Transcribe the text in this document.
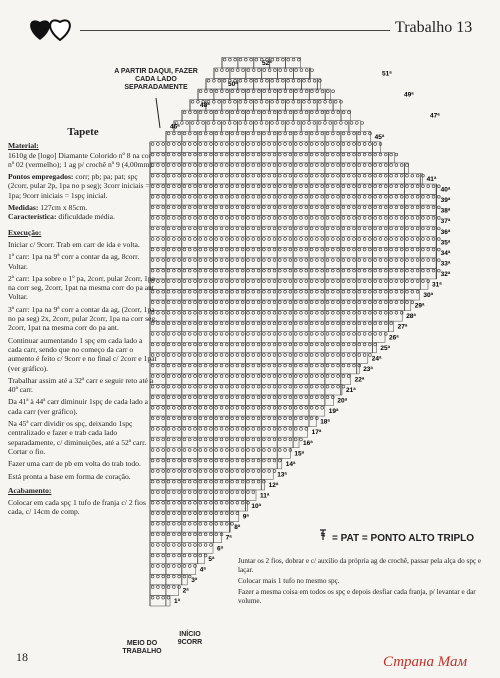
Trabalho 13
45ª
41ª
40ª
39ª
38ª
37ª
36ª
35ª
34ª
33ª
32ª
31ª
30ª
29ª
28ª
27ª
26ª
25ª
24ª
23ª
22ª
21ª
20ª
19ª
18ª
17ª
16ª
15ª
14ª
13ª
12ª
11ª
10ª
9ª
8ª
7ª
6ª
5ª
4ª
3ª
2ª
1ª
52ª
50ª
48ª
46ª
47ª
49ª
51ª
A PARTIR DAQUI, FAZER CADA LADO SEPARADAMENTE
MEIO DO TRABALHO
INÍCIO 9CORR
= PAT = PONTO ALTO TRIPLO

Tapete

Material:
1610g de [logo] Diamante Colorido nº 8 na cor nº 02 (vermelho); 1 ag p/ crochê nº 9 (4,00mm).

Pontos empregados: corr; pb; pa; pat; spç (2corr, pular 2p, 1pa no p seg); 3corr iniciais = 1pa; 9corr iniciais = 1spç inicial.

Medidas: 127cm x 85cm.
Característica: dificuldade média.

Execução:

Iniciar c/ 9corr. Trab em carr de ida e volta.

1ª carr: 1pa na 9ª corr a contar da ag, 8corr. Voltar.

2ª carr: 1pa sobre o 1º pa, 2corr, pular 2corr, 1pa na corr seg, 2corr, 1pat na mesma corr do pa ant. Voltar.

3ª carr: 1pa na 9ª corr a contar da ag, (2corr, 1pa no pa seg) 2x, 2corr, pular 2corr, 1pa na corr seg, 2corr, 1pat na mesma corr do pa ant.

Continuar aumentando 1 spç em cada lado a cada carr, sendo que no começo da carr o aumento é feito c/ 9corr e no final c/ 2corr e 1pat (ver gráfico).

Trabalhar assim até a 32ª carr e seguir reto até a 40ª carr.

Da 41ª à 44ª carr diminuir 1spç de cada lado a cada carr (ver gráfico).

Na 45ª carr dividir os spç, deixando 1spç centralizado e fazer e trab cada lado separadamente, c/ diminuições, até a 52ª carr. Cortar o fio.

Fazer uma carr de pb em volta do trab todo.

Está pronta a base em forma de coração.

Acabamento:

Colocar em cada spç 1 tufo de franja c/ 2 fios cada, c/ 14cm de comp.

Juntar os 2 fios, dobrar e c/ auxílio da própria ag de crochê, passar pela alça do spç e laçar.

Colocar mais 1 tufo no mesmo spç.

Fazer a mesma coisa em todos os spç e depois desfiar cada franja, p/ levantar e dar volume.

18	Страна Мам
